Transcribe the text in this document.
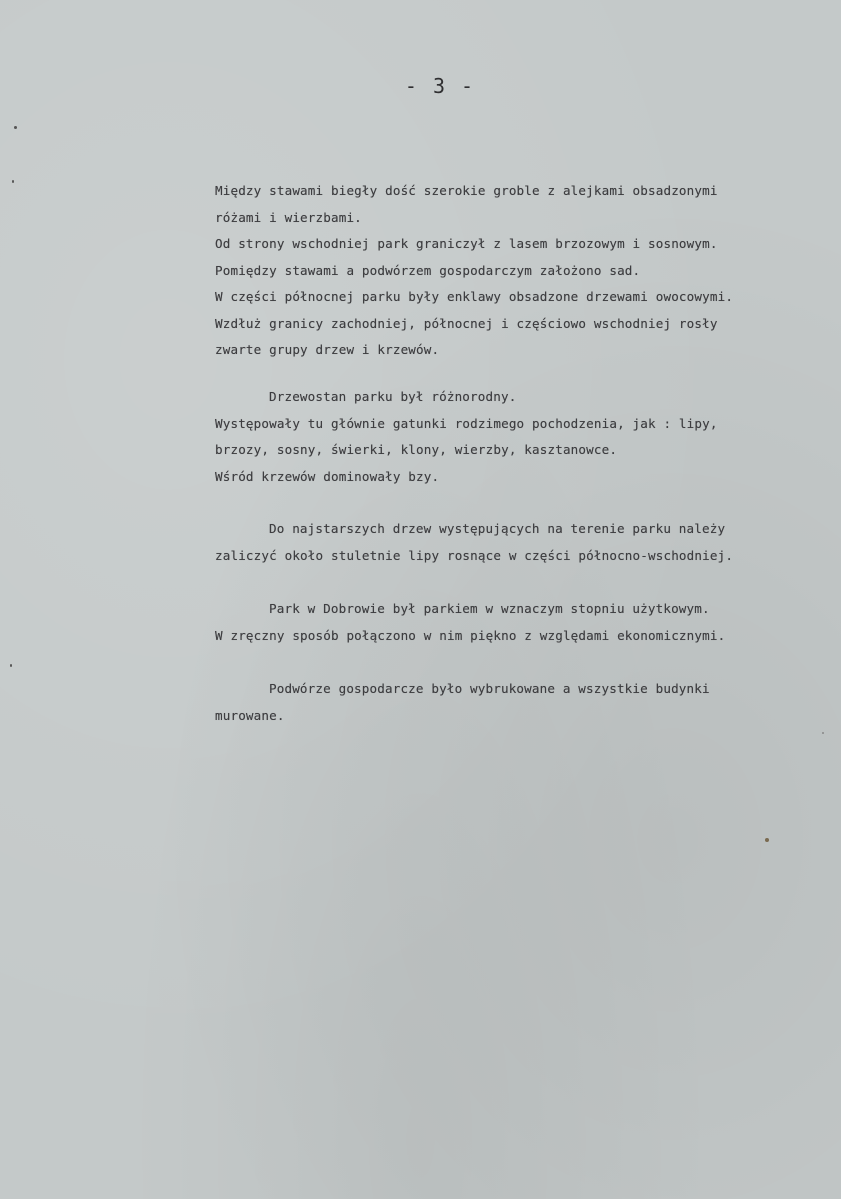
- 3 -
Między stawami biegły dość szerokie groble z alejkami obsadzonymi
różami i wierzbami.
Od strony wschodniej park graniczył z lasem brzozowym i sosnowym.
Pomiędzy stawami a podwórzem gospodarczym założono sad.
W części północnej parku były enklawy obsadzone drzewami owocowymi.
Wzdłuż granicy zachodniej, północnej i częściowo wschodniej rosły
zwarte grupy drzew i krzewów.
Drzewostan parku był różnorodny.
Występowały tu głównie gatunki rodzimego pochodzenia, jak : lipy,
brzozy, sosny, świerki, klony, wierzby, kasztanowce.
Wśród krzewów dominowały bzy.
Do najstarszych drzew występujących na terenie parku należy
zaliczyć około stuletnie lipy rosnące w części północno-wschodniej.
Park w Dobrowie był parkiem w wznaczym stopniu użytkowym.
W zręczny sposób połączono w nim piękno z względami ekonomicznymi.
Podwórze gospodarcze było wybrukowane a wszystkie budynki
murowane.
